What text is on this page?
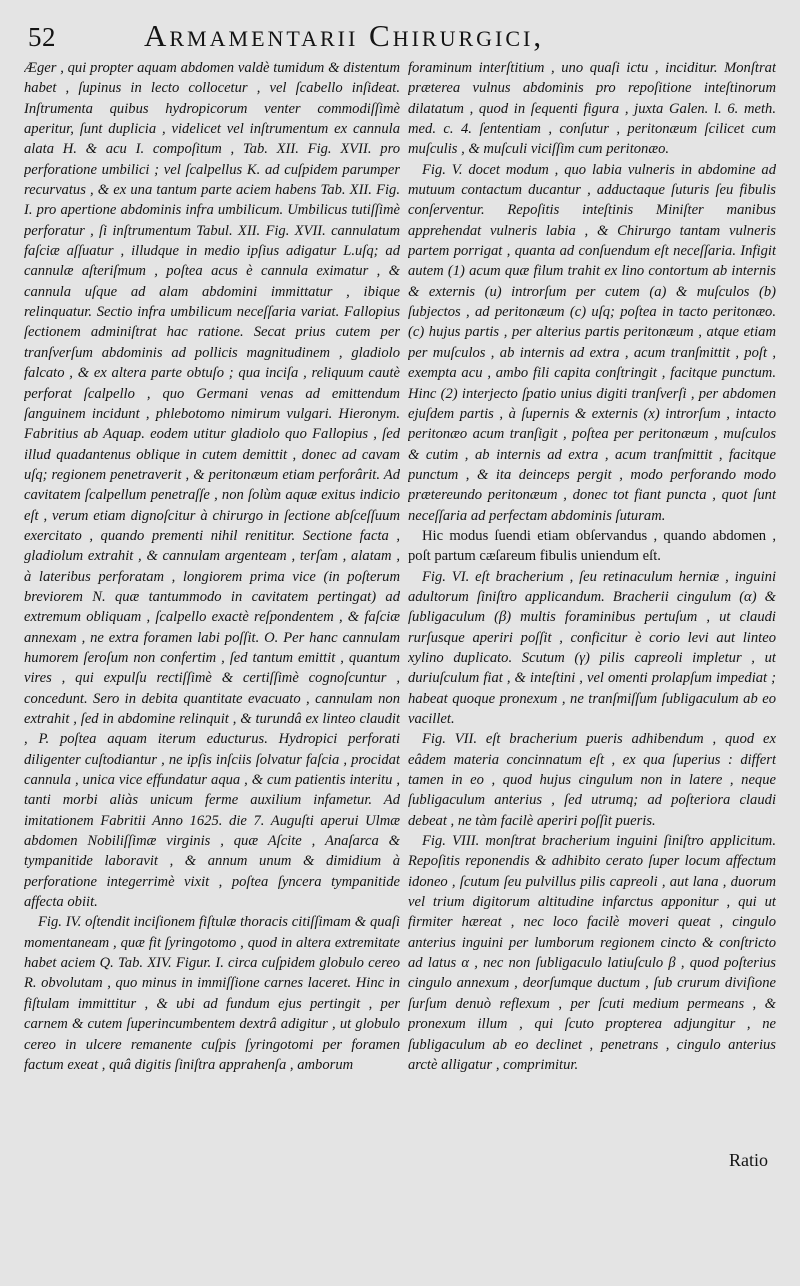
52	Armamentarii Chirurgici,

Æger , qui propter aquam abdomen valdè tumidum & distentum habet , ſupinus in lecto collocetur , vel ſcabello inſideat. Inſtrumenta quibus hydropicorum venter commodiſſimè aperitur, ſunt duplicia , videlicet vel inſtrumentum ex cannula alata H. & acu I. compoſitum , Tab. XII. Fig. XVII. pro perforatione umbilici ; vel ſcalpellus K. ad cuſpidem parumper recurvatus , & ex una tantum parte aciem habens Tab. XII. Fig. I. pro apertione abdominis infra umbilicum. Umbilicus tutiſſimè perforatur , ſi inſtrumentum Tabul. XII. Fig. XVII. cannulatum faſciæ aſſuatur , illudque in medio ipſius adigatur L.uſq; ad cannulæ aſteriſmum , poſtea acus è cannula eximatur , & cannula uſque ad alam abdomini immittatur , ibique relinquatur. Sectio infra umbilicum neceſſaria variat. Fallopius ſectionem adminiſtrat hac ratione. Secat prius cutem per tranſverſum abdominis ad pollicis magnitudinem , gladiolo falcato , & ex altera parte obtuſo ; qua inciſa , reliquum cautè perforat ſcalpello , quo Germani venas ad emittendum ſanguinem incidunt , phlebotomo nimirum vulgari. Hieronym. Fabritius ab Aquap. eodem utitur gladiolo quo Fallopius , ſed illud quadantenus oblique in cutem demittit , donec ad cavam uſq; regionem penetraverit , & peritonæum etiam perforârit. Ad cavitatem ſcalpellum penetraſſe , non ſolùm aquæ exitus indicio eſt , verum etiam dignoſcitur à chirurgo in ſectione abſceſſuum exercitato , quando prementi nihil renititur. Sectione facta , gladiolum extrahit , & cannulam argenteam , terſam , alatam , à lateribus perforatam , longiorem prima vice (in poſterum breviorem N. quæ tantummodo in cavitatem pertingat) ad extremum obliquam , ſcalpello exactè reſpondentem , & faſciæ annexam , ne extra foramen labi poſſit. O. Per hanc cannulam humorem ſeroſum non confertim , ſed tantum emittit , quantum vires , qui expulſu rectiſſimè & certiſſimè cognoſcuntur , concedunt. Sero in debita quantitate evacuato , cannulam non extrahit , ſed in abdomine relinquit , & turundâ ex linteo claudit , P. poſtea aquam iterum educturus. Hydropici perforati diligenter cuſtodiantur , ne ipſis inſciis ſolvatur faſcia , procidat cannula , unica vice effundatur aqua , & cum patientis interitu , tanti morbi aliàs unicum ferme auxilium infametur. Ad imitationem Fabritii Anno 1625. die 7. Auguſti aperui Ulmæ abdomen Nobiliſſimæ virginis , quæ Aſcite , Anaſarca & tympanitide laboravit , & annum unum & dimidium à perforatione integerrimè vixit , poſtea ſyncera tympanitide affecta obiit.

Fig. IV. oſtendit inciſionem fiſtulæ thoracis citiſſimam & quaſi momentaneam , quæ fit ſyringotomo , quod in altera extremitate habet aciem Q. Tab. XIV. Figur. I. circa cuſpidem globulo cereo R. obvolutam , quo minus in immiſſione carnes laceret. Hinc in fiſtulam immittitur , & ubi ad fundum ejus pertingit , per carnem & cutem ſuperincumbentem dextrâ adigitur , ut globulo cereo in ulcere remanente cuſpis ſyringotomi per foramen factum exeat , quâ digitis ſiniſtra apprahenſa , amborum

foraminum interſtitium , uno quaſi ictu , inciditur. Monſtrat præterea vulnus abdominis pro repoſitione inteſtinorum dilatatum , quod in ſequenti figura , juxta Galen. l. 6. meth. med. c. 4. ſententiam , conſutur , peritonæum ſcilicet cum muſculis , & muſculi viciſſim cum peritonæo.

Fig. V. docet modum , quo labia vulneris in abdomine ad mutuum contactum ducantur , adductaque ſuturis ſeu fibulis conſerventur. Repoſitis inteſtinis Miniſter manibus apprehendat vulneris labia , & Chirurgo tantam vulneris partem porrigat , quanta ad conſuendum eſt neceſſaria. Infigit autem (1) acum quæ filum trahit ex lino contortum ab internis & externis (u) introrſum per cutem (a) & muſculos (b) ſubjectos , ad peritonæum (c) uſq; poſtea in tacto peritonæo. (c) hujus partis , per alterius partis peritonæum , atque etiam per muſculos , ab internis ad extra , acum tranſmittit , poſt , exempta acu , ambo fili capita conſtringit , facitque punctum. Hinc (2) interjecto ſpatio unius digiti tranſverſi , per abdomen ejuſdem partis , à ſupernis & externis (x) introrſum , intacto peritonæo acum tranſigit , poſtea per peritonæum , muſculos & cutim , ab internis ad extra , acum tranſmittit , facitque punctum , & ita deinceps pergit , modo perforando modo prætereundo peritonæum , donec tot fiant puncta , quot ſunt neceſſaria ad perfectam abdominis ſuturam.

Hic modus ſuendi etiam obſervandus , quando abdomen , poſt partum cæſareum fibulis uniendum eſt.

Fig. VI. eſt bracherium , ſeu retinaculum herniæ , inguini adultorum ſiniſtro applicandum. Bracherii cingulum (α) & ſubligaculum (β) multis foraminibus pertuſum , ut claudi rurſusque aperiri poſſit , conficitur è corio levi aut linteo xylino duplicato. Scutum (γ) pilis capreoli impletur , ut duriuſculum fiat , & inteſtini , vel omenti prolapſum impediat ; habeat quoque pronexum , ne tranſmiſſum ſubligaculum ab eo vacillet.

Fig. VII. eſt bracherium pueris adhibendum , quod ex eâdem materia concinnatum eſt , ex qua ſuperius : differt tamen in eo , quod hujus cingulum non in latere , neque ſubligaculum anterius , ſed utrumq; ad poſteriora claudi debeat , ne tàm facilè aperiri poſſit pueris.

Fig. VIII. monſtrat bracherium inguini ſiniſtro applicitum. Repoſitis reponendis & adhibito cerato ſuper locum affectum idoneo , ſcutum ſeu pulvillus pilis capreoli , aut lana , duorum vel trium digitorum altitudine infarctus apponitur , qui ut firmiter hæreat , nec loco facilè moveri queat , cingulo anterius inguini per lumborum regionem cincto & conſtricto ad latus α , nec non ſubligaculo latiuſculo β , quod poſterius cingulo annexum , deorſumque ductum , ſub crurum diviſione ſurſum denuò reflexum , per ſcuti medium permeans , & pronexum illum , qui ſcuto propterea adjungitur , ne ſubligaculum ab eo declinet , penetrans , cingulo anterius arctè alligatur , comprimitur.

Ratio
